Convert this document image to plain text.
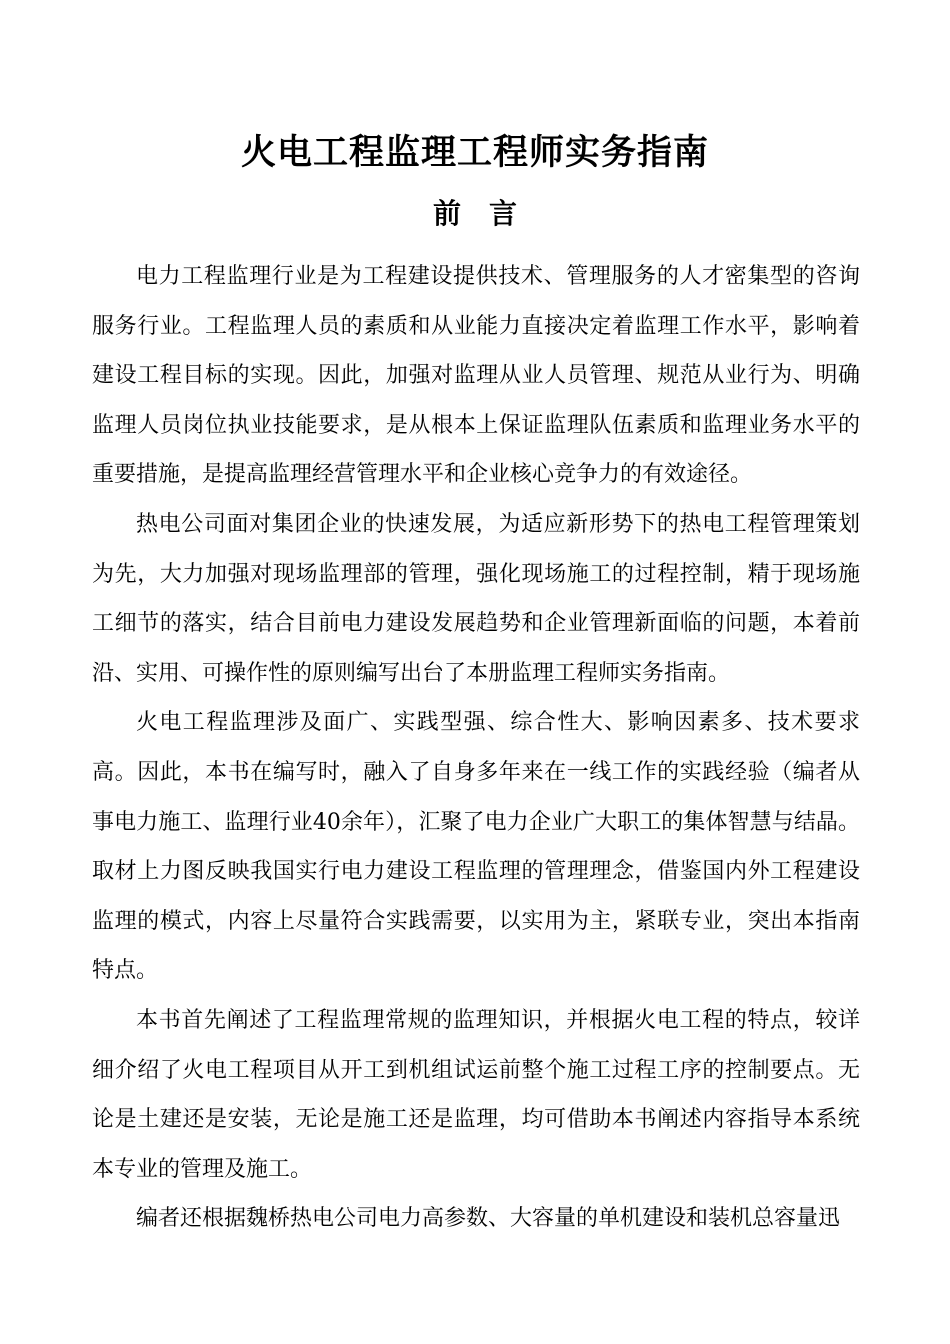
火电工程监理工程师实务指南
前　言

电力工程监理行业是为工程建设提供技术、管理服务的人才密集型的咨询服务行业。工程监理人员的素质和从业能力直接决定着监理工作水平，影响着建设工程目标的实现。因此，加强对监理从业人员管理、规范从业行为、明确监理人员岗位执业技能要求，是从根本上保证监理队伍素质和监理业务水平的重要措施，是提高监理经营管理水平和企业核心竞争力的有效途径。

热电公司面对集团企业的快速发展，为适应新形势下的热电工程管理策划为先，大力加强对现场监理部的管理，强化现场施工的过程控制，精于现场施工细节的落实，结合目前电力建设发展趋势和企业管理新面临的问题，本着前沿、实用、可操作性的原则编写出台了本册监理工程师实务指南。

火电工程监理涉及面广、实践型强、综合性大、影响因素多、技术要求高。因此，本书在编写时，融入了自身多年来在一线工作的实践经验（编者从事电力施工、监理行业40余年），汇聚了电力企业广大职工的集体智慧与结晶。取材上力图反映我国实行电力建设工程监理的管理理念，借鉴国内外工程建设监理的模式，内容上尽量符合实践需要，以实用为主，紧联专业，突出本指南特点。

本书首先阐述了工程监理常规的监理知识，并根据火电工程的特点，较详细介绍了火电工程项目从开工到机组试运前整个施工过程工序的控制要点。无论是土建还是安装，无论是施工还是监理，均可借助本书阐述内容指导本系统本专业的管理及施工。

编者还根据魏桥热电公司电力高参数、大容量的单机建设和装机总容量迅
